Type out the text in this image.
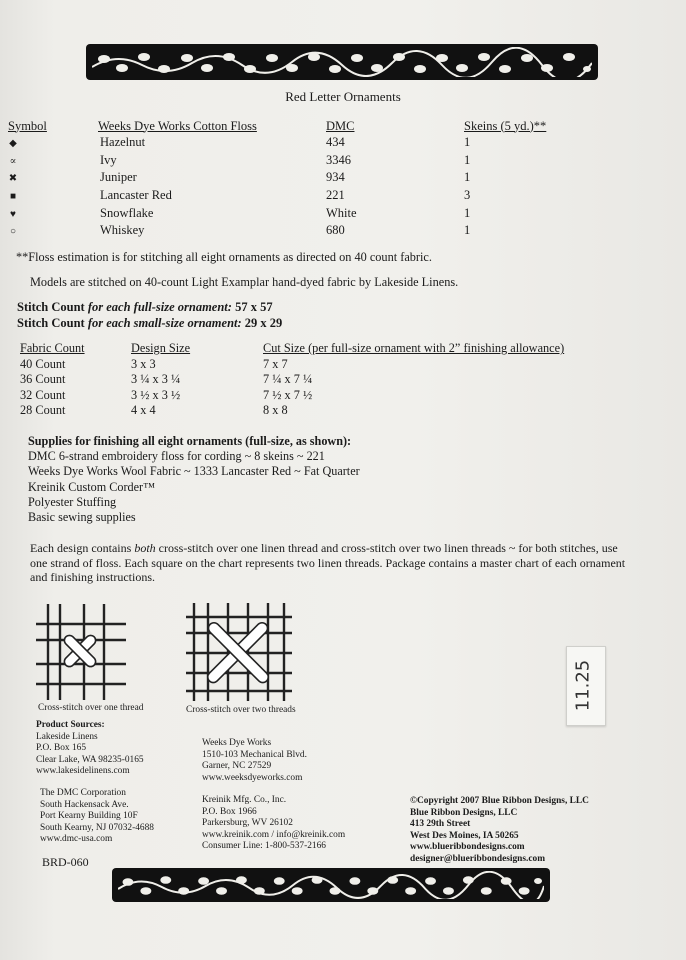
Red Letter Ornaments
Symbol	Weeks Dye Works Cotton Floss	DMC	Skeins (5 yd.)**
◆	Hazelnut	434	1
∝	Ivy	3346	1
✖	Juniper	934	1
■	Lancaster Red	221	3
♥	Snowflake	White	1
○	Whiskey	680	1
**Floss estimation is for stitching all eight ornaments as directed on 40 count fabric.
Models are stitched on 40-count Light Examplar hand-dyed fabric by Lakeside Linens.
Stitch Count for each full-size ornament: 57 x 57
Stitch Count for each small-size ornament: 29 x 29
Fabric Count	Design Size	Cut Size (per full-size ornament with 2” finishing allowance)
40 Count	3 x 3	7 x 7
36 Count	3 ¼ x 3 ¼	7 ¼ x 7 ¼
32 Count	3 ½ x 3 ½	7 ½ x 7 ½
28 Count	4 x 4	8 x 8
Supplies for finishing all eight ornaments (full-size, as shown):
DMC 6-strand embroidery floss for cording ~ 8 skeins ~ 221
Weeks Dye Works Wool Fabric ~ 1333 Lancaster Red ~ Fat Quarter
Kreinik Custom Corder™
Polyester Stuffing
Basic sewing supplies
Each design contains both cross-stitch over one linen thread and cross-stitch over two linen threads ~ for both stitches, use one strand of floss. Each square on the chart represents two linen threads. Package contains a master chart of each ornament and finishing instructions.
Cross-stitch over one thread	Cross-stitch over two threads	11.25
Product Sources:
Lakeside Linens
P.O. Box 165
Clear Lake, WA 98235-0165
www.lakesidelinens.com
The DMC Corporation
South Hackensack Ave.
Port Kearny Building 10F
South Kearny, NJ 07032-4688
www.dmc-usa.com
Weeks Dye Works
1510-103 Mechanical Blvd.
Garner, NC 27529
www.weeksdyeworks.com
Kreinik Mfg. Co., Inc.
P.O. Box 1966
Parkersburg, WV 26102
www.kreinik.com / info@kreinik.com
Consumer Line: 1-800-537-2166
©Copyright 2007 Blue Ribbon Designs, LLC
Blue Ribbon Designs, LLC
413 29th Street
West Des Moines, IA 50265
www.blueribbondesigns.com
designer@blueribbondesigns.com
BRD-060
